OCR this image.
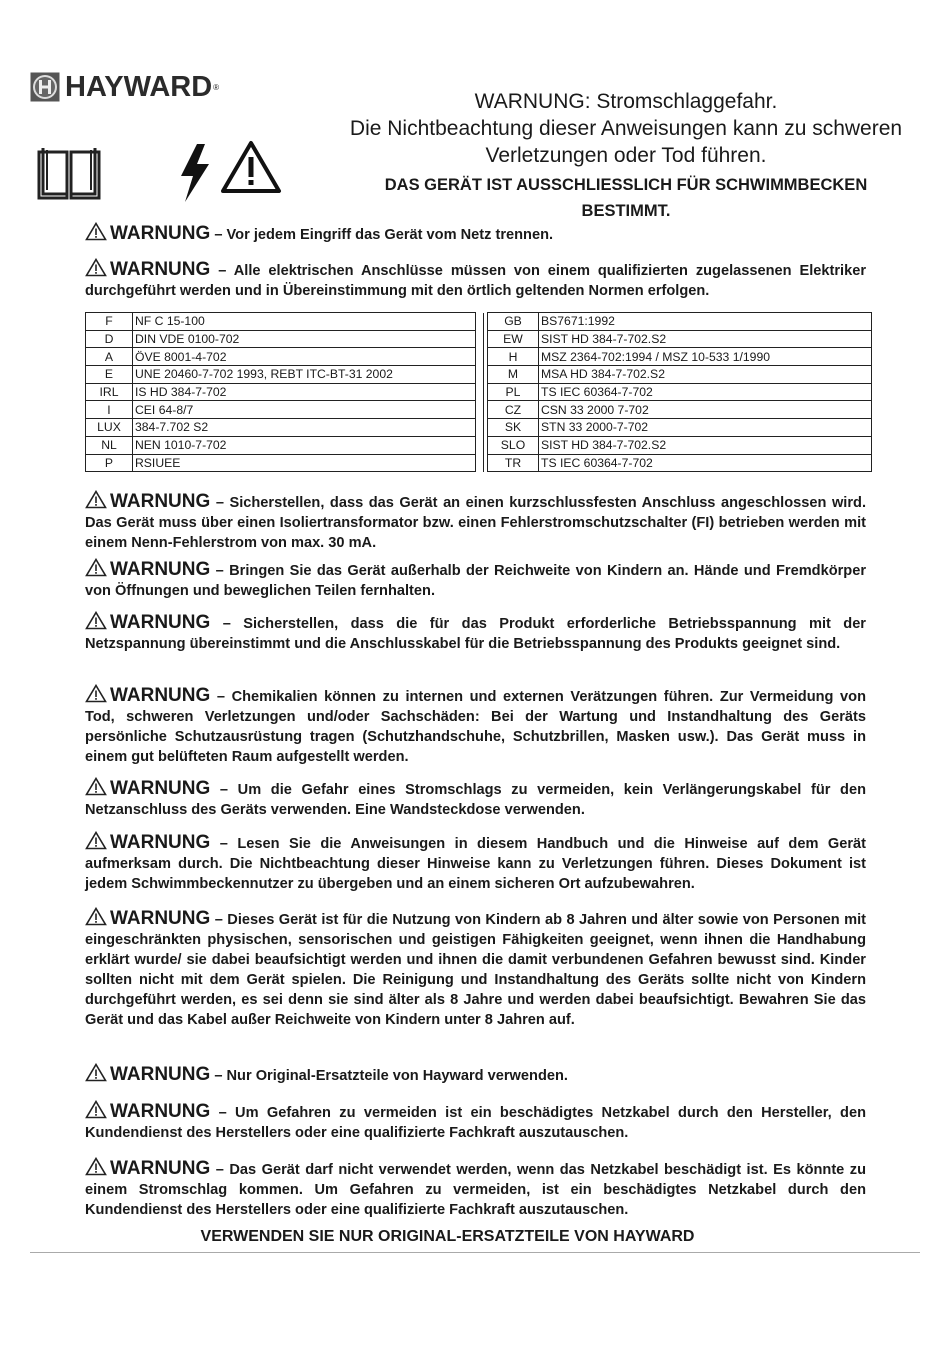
HAYWARD ®
WARNUNG: Stromschlaggefahr.
Die Nichtbeachtung dieser Anweisungen kann zu schweren Verletzungen oder Tod führen.
DAS GERÄT IST AUSSCHLIESSLICH FÜR SCHWIMMBECKEN BESTIMMT.
WARNUNG – Vor jedem Eingriff das Gerät vom Netz trennen.
WARNUNG – Alle elektrischen Anschlüsse müssen von einem qualifizierten zugelassenen Elektriker durchgeführt werden und in Übereinstimmung mit den örtlich geltenden Normen erfolgen.
F	NF C 15-100			GB	BS7671:1992
D	DIN VDE 0100-702			EW	SIST HD 384-7-702.S2
A	ÖVE 8001-4-702			H	MSZ 2364-702:1994 / MSZ 10-533 1/1990
E	UNE 20460-7-702 1993, REBT ITC-BT-31 2002			M	MSA HD 384-7-702.S2
IRL	IS HD 384-7-702			PL	TS IEC 60364-7-702
I	CEI 64-8/7			CZ	CSN 33 2000 7-702
LUX	384-7.702 S2			SK	STN 33 2000-7-702
NL	NEN 1010-7-702			SLO	SIST HD 384-7-702.S2
P	RSIUEE			TR	TS IEC 60364-7-702
WARNUNG – Sicherstellen, dass das Gerät an einen kurzschlussfesten Anschluss angeschlossen wird. Das Gerät muss über einen Isoliertransformator bzw. einen Fehlerstromschutzschalter (FI) betrieben werden mit einem Nenn-Fehlerstrom von max. 30 mA.
WARNUNG – Bringen Sie das Gerät außerhalb der Reichweite von Kindern an. Hände und Fremdkörper von Öffnungen und beweglichen Teilen fernhalten.
WARNUNG – Sicherstellen, dass die für das Produkt erforderliche Betriebsspannung mit der Netzspannung übereinstimmt und die Anschlusskabel für die Betriebsspannung des Produkts geeignet sind.
WARNUNG – Chemikalien können zu internen und externen Verätzungen führen. Zur Vermeidung von Tod, schweren Verletzungen und/oder Sachschäden: Bei der Wartung und Instandhaltung des Geräts persönliche Schutzausrüstung tragen (Schutzhandschuhe, Schutzbrillen, Masken usw.). Das Gerät muss in einem gut belüfteten Raum aufgestellt werden.
WARNUNG – Um die Gefahr eines Stromschlags zu vermeiden, kein Verlängerungskabel für den Netzanschluss des Geräts verwenden. Eine Wandsteckdose verwenden.
WARNUNG – Lesen Sie die Anweisungen in diesem Handbuch und die Hinweise auf dem Gerät aufmerksam durch. Die Nichtbeachtung dieser Hinweise kann zu Verletzungen führen. Dieses Dokument ist jedem Schwimmbeckennutzer zu übergeben und an einem sicheren Ort aufzubewahren.
WARNUNG – Dieses Gerät ist für die Nutzung von Kindern ab 8 Jahren und älter sowie von Personen mit eingeschränkten physischen, sensorischen und geistigen Fähigkeiten geeignet, wenn ihnen die Handhabung erklärt wurde/ sie dabei beaufsichtigt werden und ihnen die damit verbundenen Gefahren bewusst sind. Kinder sollten nicht mit dem Gerät spielen. Die Reinigung und Instandhaltung des Geräts sollte nicht von Kindern durchgeführt werden, es sei denn sie sind älter als 8 Jahre und werden dabei beaufsichtigt. Bewahren Sie das Gerät und das Kabel außer Reichweite von Kindern unter 8 Jahren auf.
WARNUNG – Nur Original-Ersatzteile von Hayward verwenden.
WARNUNG – Um Gefahren zu vermeiden ist ein beschädigtes Netzkabel durch den Hersteller, den Kundendienst des Herstellers oder eine qualifizierte Fachkraft auszutauschen.
WARNUNG – Das Gerät darf nicht verwendet werden, wenn das Netzkabel beschädigt ist. Es könnte zu einem Stromschlag kommen. Um Gefahren zu vermeiden, ist ein beschädigtes Netzkabel durch den Kundendienst des Herstellers oder eine qualifizierte Fachkraft auszutauschen.
VERWENDEN SIE NUR ORIGINAL-ERSATZTEILE VON HAYWARD
